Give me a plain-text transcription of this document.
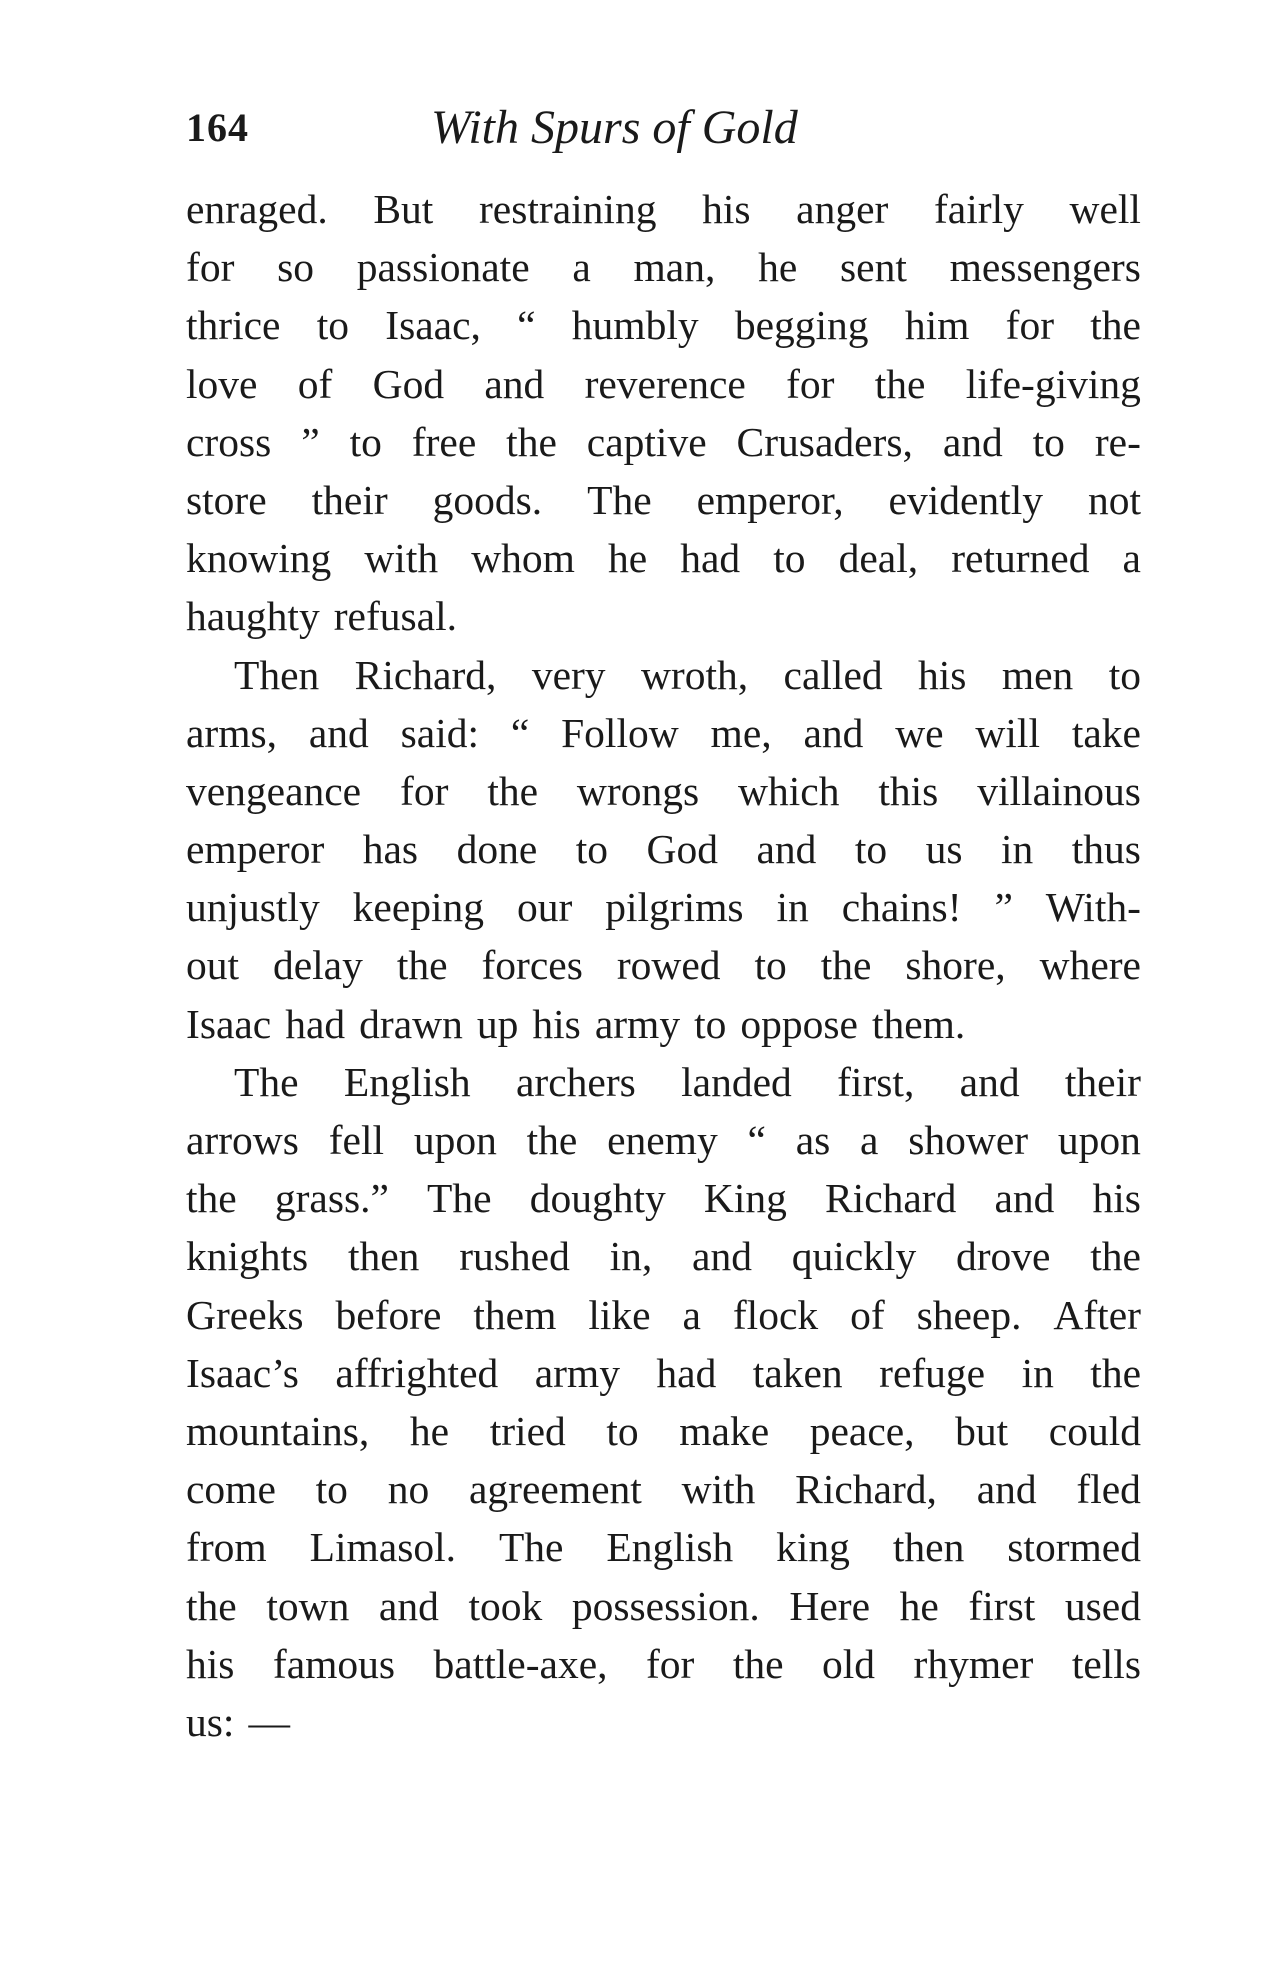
164	With Spurs of Gold
enraged. But restraining his anger fairly well
for so passionate a man, he sent messengers
thrice to Isaac, “ humbly begging him for the
love of God and reverence for the life-giving
cross ” to free the captive Crusaders, and to re-
store their goods. The emperor, evidently not
knowing with whom he had to deal, returned a
haughty refusal.
Then Richard, very wroth, called his men to
arms, and said: “ Follow me, and we will take
vengeance for the wrongs which this villainous
emperor has done to God and to us in thus
unjustly keeping our pilgrims in chains! ” With-
out delay the forces rowed to the shore, where
Isaac had drawn up his army to oppose them.
The English archers landed first, and their
arrows fell upon the enemy “ as a shower upon
the grass.” The doughty King Richard and his
knights then rushed in, and quickly drove the
Greeks before them like a flock of sheep. After
Isaac’s affrighted army had taken refuge in the
mountains, he tried to make peace, but could
come to no agreement with Richard, and fled
from Limasol. The English king then stormed
the town and took possession. Here he first used
his famous battle-axe, for the old rhymer tells
us: —
